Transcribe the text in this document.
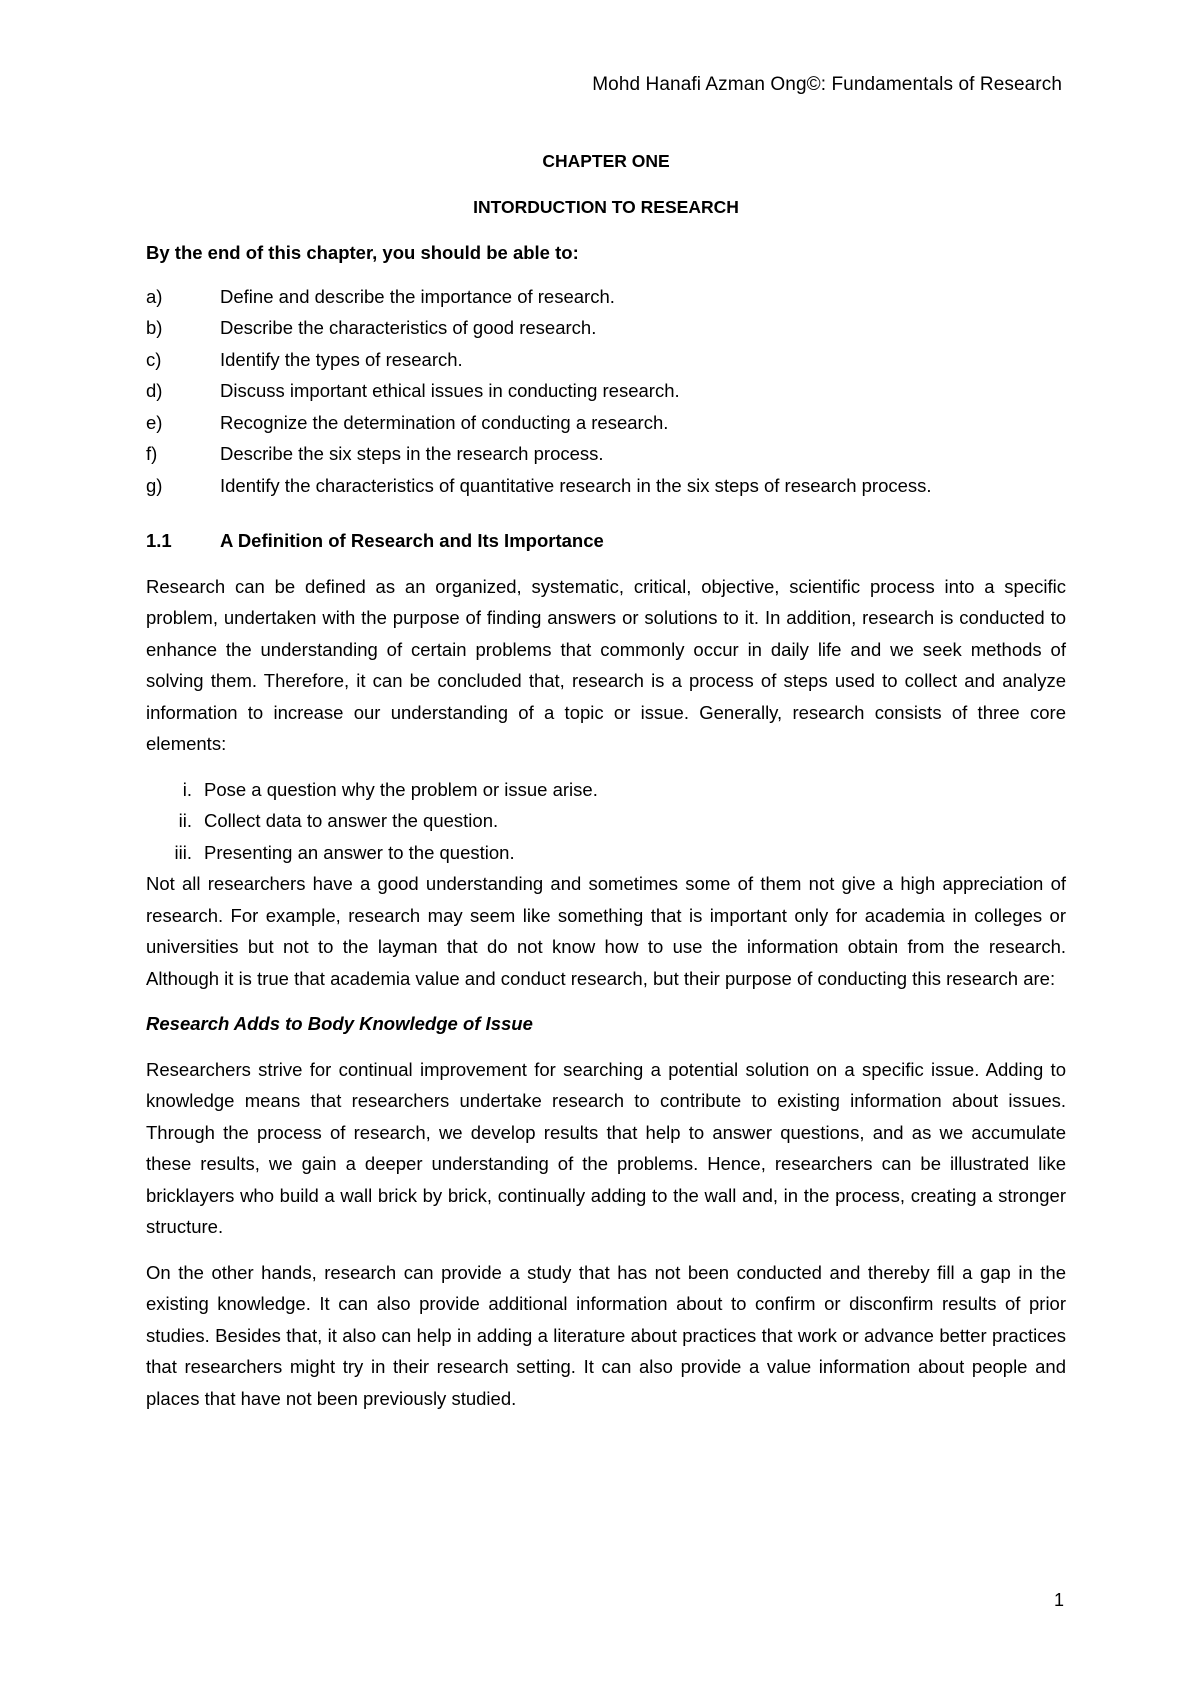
Mohd Hanafi Azman Ong©: Fundamentals of Research

CHAPTER ONE

INTORDUCTION TO RESEARCH

By the end of this chapter, you should be able to:

a)	Define and describe the importance of research.
b)	Describe the characteristics of good research.
c)	Identify the types of research.
d)	Discuss important ethical issues in conducting research.
e)	Recognize the determination of conducting a research.
f)	Describe the six steps in the research process.
g)	Identify the characteristics of quantitative research in the six steps of research process.
1.1	A Definition of Research and Its Importance

Research can be defined as an organized, systematic, critical, objective, scientific process into a specific problem, undertaken with the purpose of finding answers or solutions to it. In addition, research is conducted to enhance the understanding of certain problems that commonly occur in daily life and we seek methods of solving them. Therefore, it can be concluded that, research is a process of steps used to collect and analyze information to increase our understanding of a topic or issue. Generally, research consists of three core elements:

i. Pose a question why the problem or issue arise.
ii. Collect data to answer the question.
iii. Presenting an answer to the question.

Not all researchers have a good understanding and sometimes some of them not give a high appreciation of research. For example, research may seem like something that is important only for academia in colleges or universities but not to the layman that do not know how to use the information obtain from the research. Although it is true that academia value and conduct research, but their purpose of conducting this research are:

Research Adds to Body Knowledge of Issue

Researchers strive for continual improvement for searching a potential solution on a specific issue. Adding to knowledge means that researchers undertake research to contribute to existing information about issues. Through the process of research, we develop results that help to answer questions, and as we accumulate these results, we gain a deeper understanding of the problems. Hence, researchers can be illustrated like bricklayers who build a wall brick by brick, continually adding to the wall and, in the process, creating a stronger structure.

On the other hands, research can provide a study that has not been conducted and thereby fill a gap in the existing knowledge. It can also provide additional information about to confirm or disconfirm results of prior studies. Besides that, it also can help in adding a literature about practices that work or advance better practices that researchers might try in their research setting. It can also provide a value information about people and places that have not been previously studied.

1
